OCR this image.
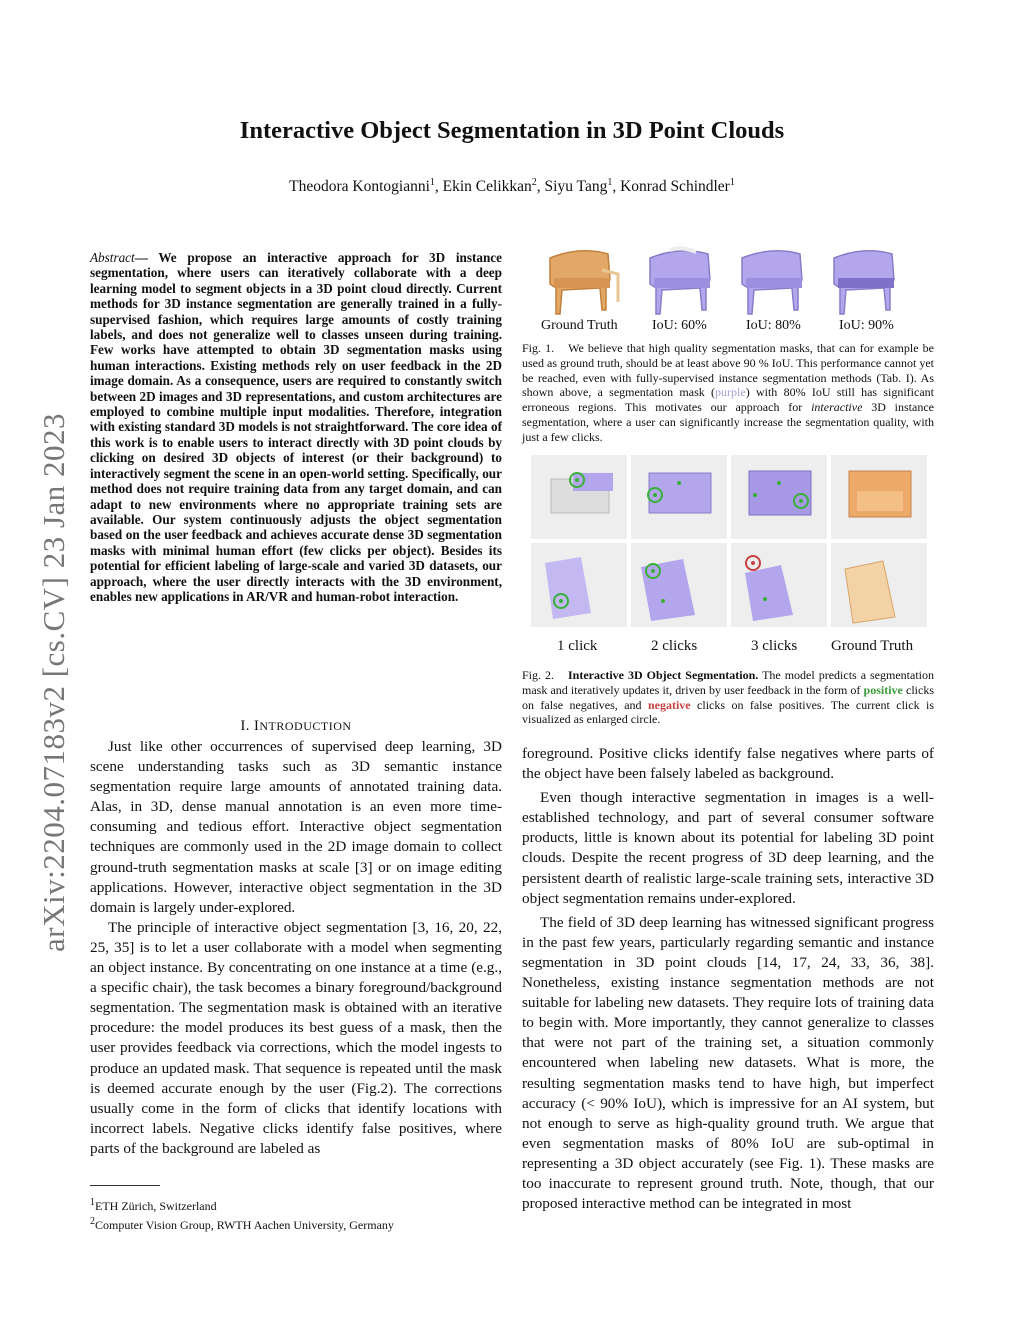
arXiv:2204.07183v2 [cs.CV] 23 Jan 2023
Interactive Object Segmentation in 3D Point Clouds
Theodora Kontogianni$^1$, Ekin Celikkan$^2$, Siyu Tang$^1$, Konrad Schindler$^1$
Abstract— We propose an interactive approach for 3D instance segmentation, where users can iteratively collaborate with a deep learning model to segment objects in a 3D point cloud directly. Current methods for 3D instance segmentation are generally trained in a fully-supervised fashion, which requires large amounts of costly training labels, and does not generalize well to classes unseen during training. Few works have attempted to obtain 3D segmentation masks using human interactions. Existing methods rely on user feedback in the 2D image domain. As a consequence, users are required to constantly switch between 2D images and 3D representations, and custom architectures are employed to combine multiple input modalities. Therefore, integration with existing standard 3D models is not straightforward. The core idea of this work is to enable users to interact directly with 3D point clouds by clicking on desired 3D objects of interest (or their background) to interactively segment the scene in an open-world setting. Specifically, our method does not require training data from any target domain, and can adapt to new environments where no appropriate training sets are available. Our system continuously adjusts the object segmentation based on the user feedback and achieves accurate dense 3D segmentation masks with minimal human effort (few clicks per object). Besides its potential for efficient labeling of large-scale and varied 3D datasets, our approach, where the user directly interacts with the 3D environment, enables new applications in AR/VR and human-robot interaction.
I. INTRODUCTION

Just like other occurrences of supervised deep learning, 3D scene understanding tasks such as 3D semantic instance segmentation require large amounts of annotated training data. Alas, in 3D, dense manual annotation is an even more time-consuming and tedious effort. Interactive object segmentation techniques are commonly used in the 2D image domain to collect ground-truth segmentation masks at scale [3] or on image editing applications. However, interactive object segmentation in the 3D domain is largely under-explored.

The principle of interactive object segmentation [3, 16, 20, 22, 25, 35] is to let a user collaborate with a model when segmenting an object instance. By concentrating on one instance at a time (e.g., a specific chair), the task becomes a binary foreground/background segmentation. The segmentation mask is obtained with an iterative procedure: the model produces its best guess of a mask, then the user provides feedback via corrections, which the model ingests to produce an updated mask. That sequence is repeated until the mask is deemed accurate enough by the user (Fig.2). The corrections usually come in the form of clicks that identify locations with incorrect labels. Negative clicks identify false positives, where parts of the background are labeled as

$^1$ETH Zürich, Switzerland
$^2$Computer Vision Group, RWTH Aachen University, Germany
Ground Truth IoU: 60%	IoU: 80%	IoU: 90%
Fig. 1. We believe that high quality segmentation masks, that can for example be used as ground truth, should be at least above 90 % IoU. This performance cannot yet be reached, even with fully-supervised instance segmentation methods (Tab. I). As shown above, a segmentation mask (purple) with 80% IoU still has significant erroneous regions. This motivates our approach for interactive 3D instance segmentation, where a user can significantly increase the segmentation quality, with just a few clicks.
1 click	2 clicks	3 clicks Ground Truth
Fig. 2. Interactive 3D Object Segmentation. The model predicts a segmentation mask and iteratively updates it, driven by user feedback in the form of positive clicks on false negatives, and negative clicks on false positives. The current click is visualized as enlarged circle.

foreground. Positive clicks identify false negatives where parts of the object have been falsely labeled as background.

Even though interactive segmentation in images is a well-established technology, and part of several consumer software products, little is known about its potential for labeling 3D point clouds. Despite the recent progress of 3D deep learning, and the persistent dearth of realistic large-scale training sets, interactive 3D object segmentation remains under-explored.

The field of 3D deep learning has witnessed significant progress in the past few years, particularly regarding semantic and instance segmentation in 3D point clouds [14, 17, 24, 33, 36, 38]. Nonetheless, existing instance segmentation methods are not suitable for labeling new datasets. They require lots of training data to begin with. More importantly, they cannot generalize to classes that were not part of the training set, a situation commonly encountered when labeling new datasets. What is more, the resulting segmentation masks tend to have high, but imperfect accuracy (< 90% IoU), which is impressive for an AI system, but not enough to serve as high-quality ground truth. We argue that even segmentation masks of 80% IoU are sub-optimal in representing a 3D object accurately (see Fig. 1). These masks are too inaccurate to represent ground truth. Note, though, that our proposed interactive method can be integrated in most
